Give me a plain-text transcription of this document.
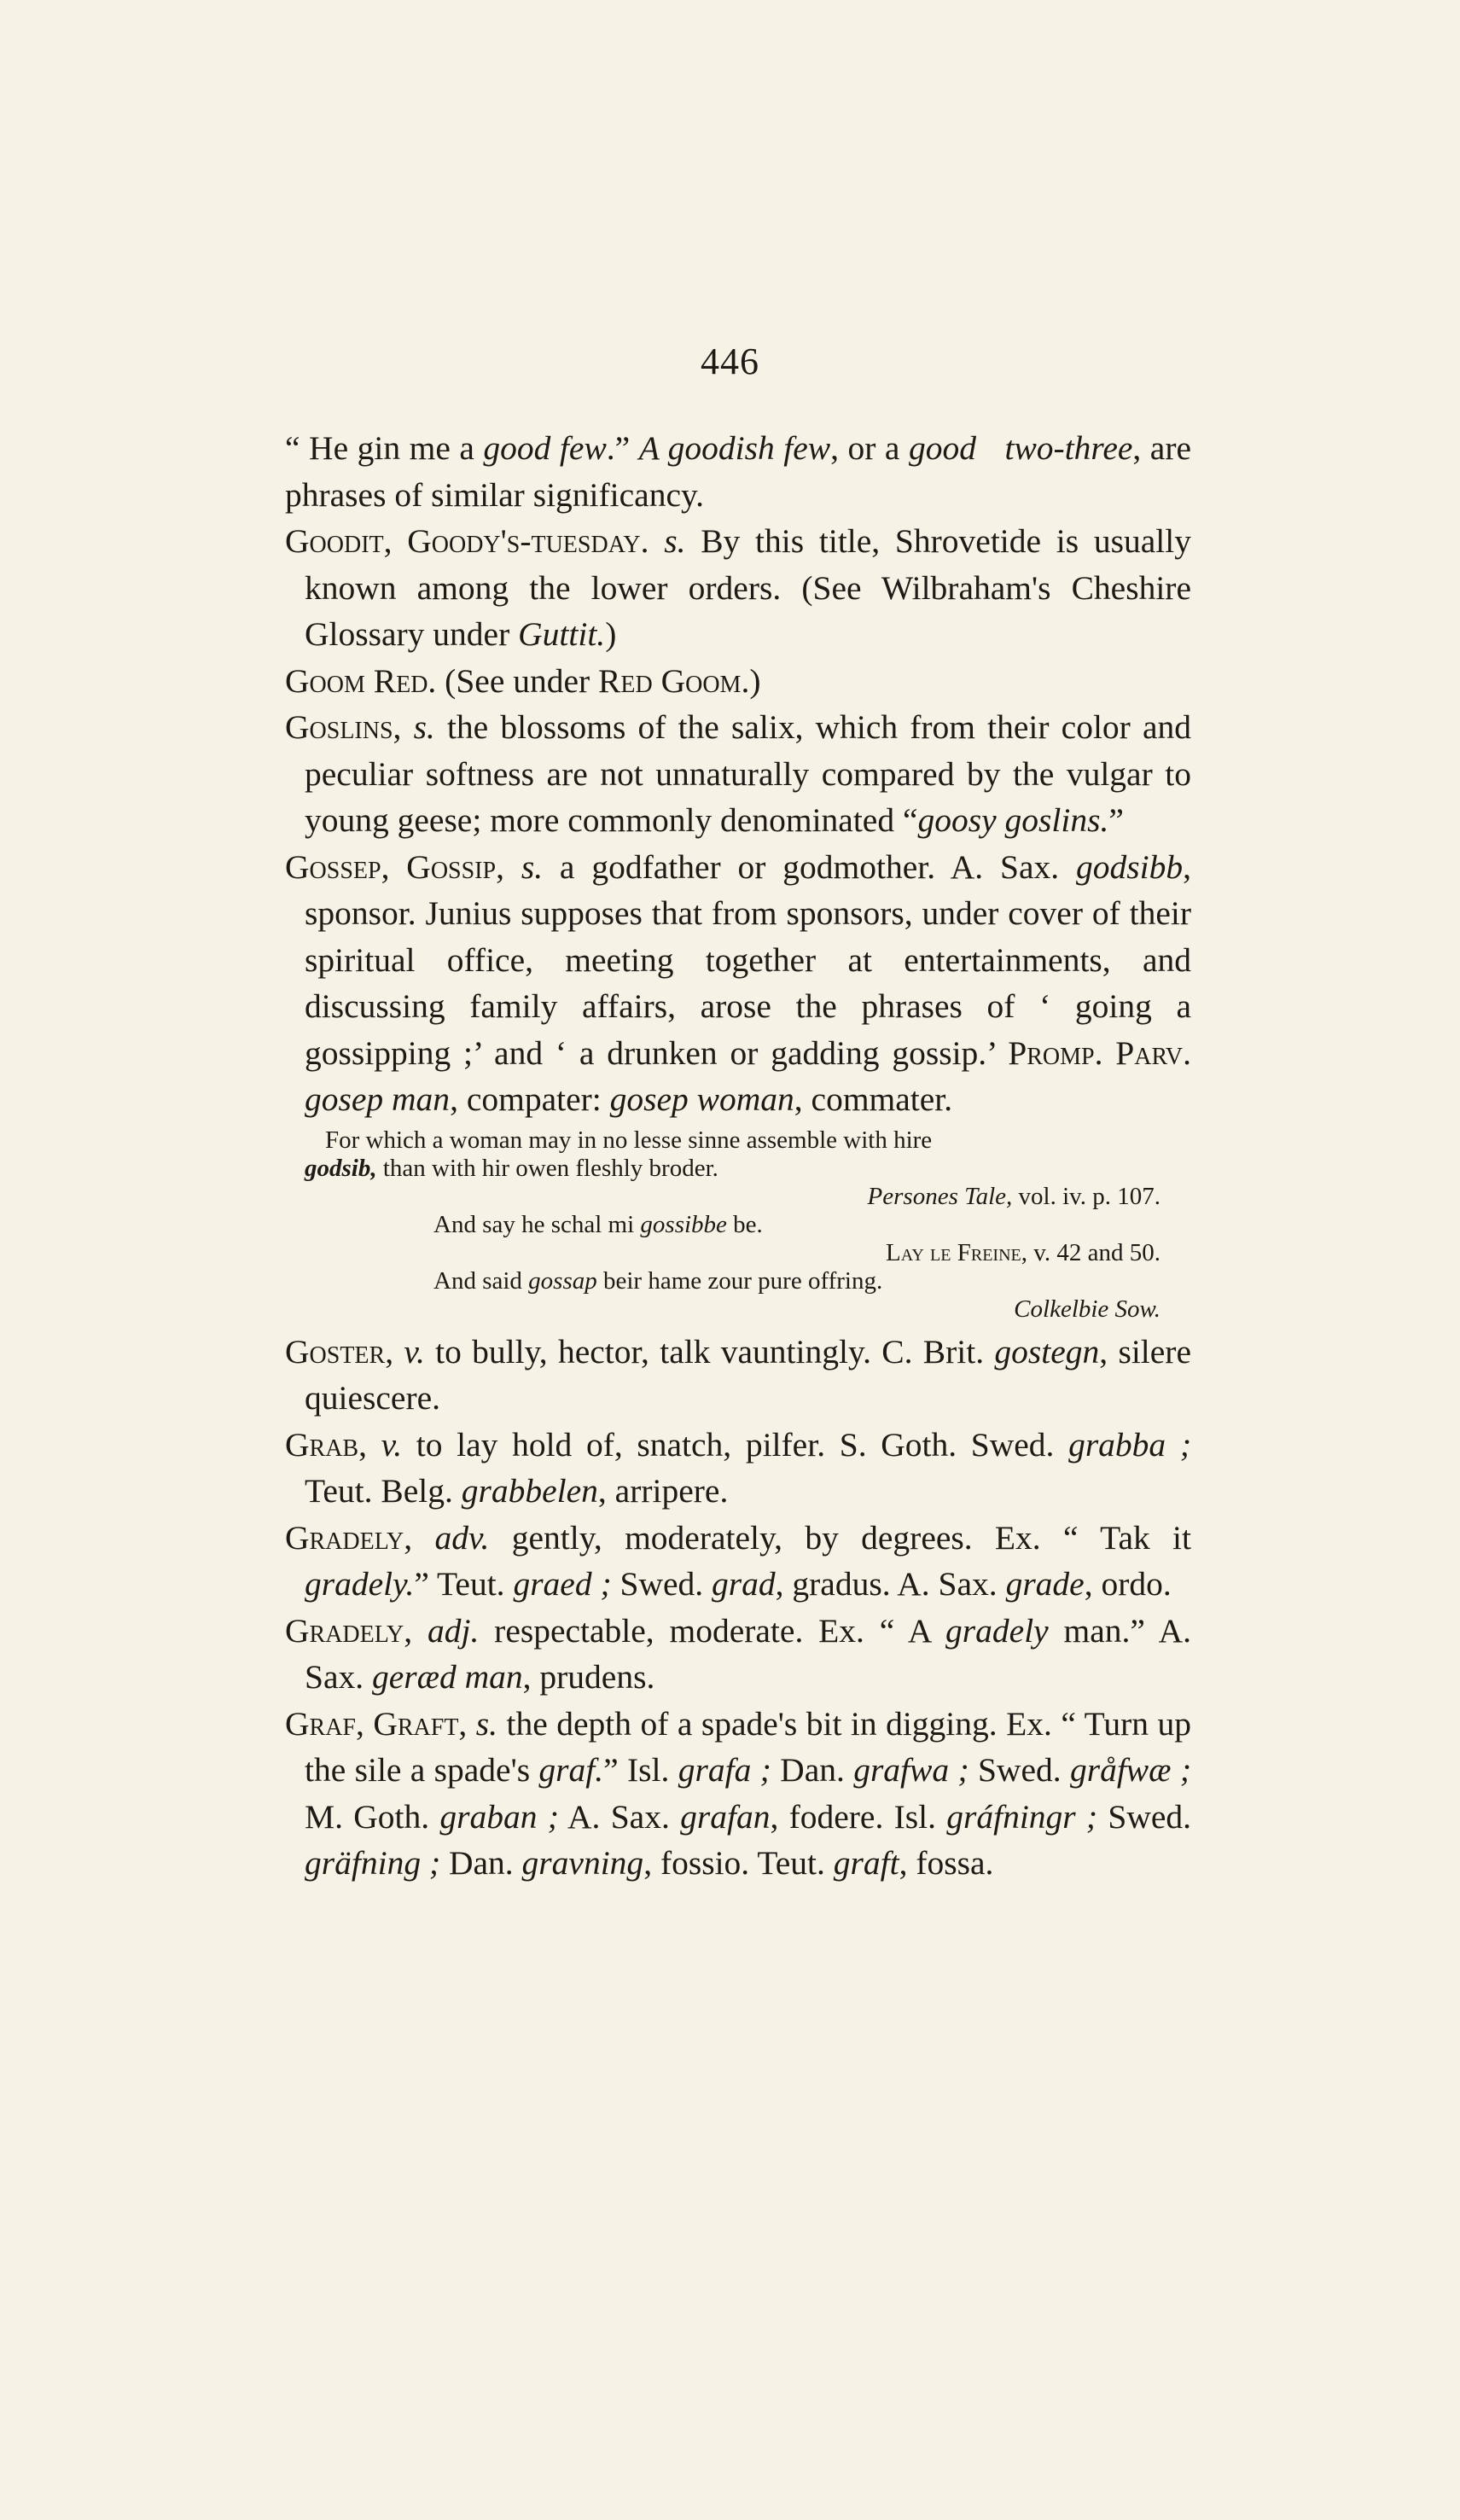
446

“ He gin me a good few.” A goodish few, or a good two-three, are phrases of similar significancy.

Goodit, Goody's-tuesday. s. By this title, Shrovetide is usually known among the lower orders. (See Wilbraham's Cheshire Glossary under Guttit.)

Goom Red. (See under Red Goom.)

Goslins, s. the blossoms of the salix, which from their color and peculiar softness are not unnaturally compared by the vulgar to young geese; more commonly denominated “goosy goslins.”

Gossep, Gossip, s. a godfather or godmother. A. Sax. godsibb, sponsor. Junius supposes that from sponsors, under cover of their spiritual office, meeting together at entertainments, and discussing family affairs, arose the phrases of ‘ going a gossipping ;’ and ‘ a drunken or gadding gossip.’ Promp. Parv. gosep man, compater: gosep woman, commater.

For which a woman may in no lesse sinne assemble with hire

godsib, than with hir owen fleshly broder.

Persones Tale, vol. iv. p. 107.

And say he schal mi gossibbe be.

Lay le Freine, v. 42 and 50.

And said gossap beir hame zour pure offring.

Colkelbie Sow.

Goster, v. to bully, hector, talk vauntingly. C. Brit. gostegn, silere quiescere.

Grab, v. to lay hold of, snatch, pilfer. S. Goth. Swed. grabba ; Teut. Belg. grabbelen, arripere.

Gradely, adv. gently, moderately, by degrees. Ex. “ Tak it gradely.” Teut. graed ; Swed. grad, gradus. A. Sax. grade, ordo.

Gradely, adj. respectable, moderate. Ex. “ A gradely man.” A. Sax. geræd man, prudens.

Graf, Graft, s. the depth of a spade's bit in digging. Ex. “ Turn up the sile a spade's graf.” Isl. grafa ; Dan. grafwa ; Swed. gråfwæ ; M. Goth. graban ; A. Sax. grafan, fodere. Isl. gráfningr ; Swed. gräfning ; Dan. gravning, fossio. Teut. graft, fossa.
